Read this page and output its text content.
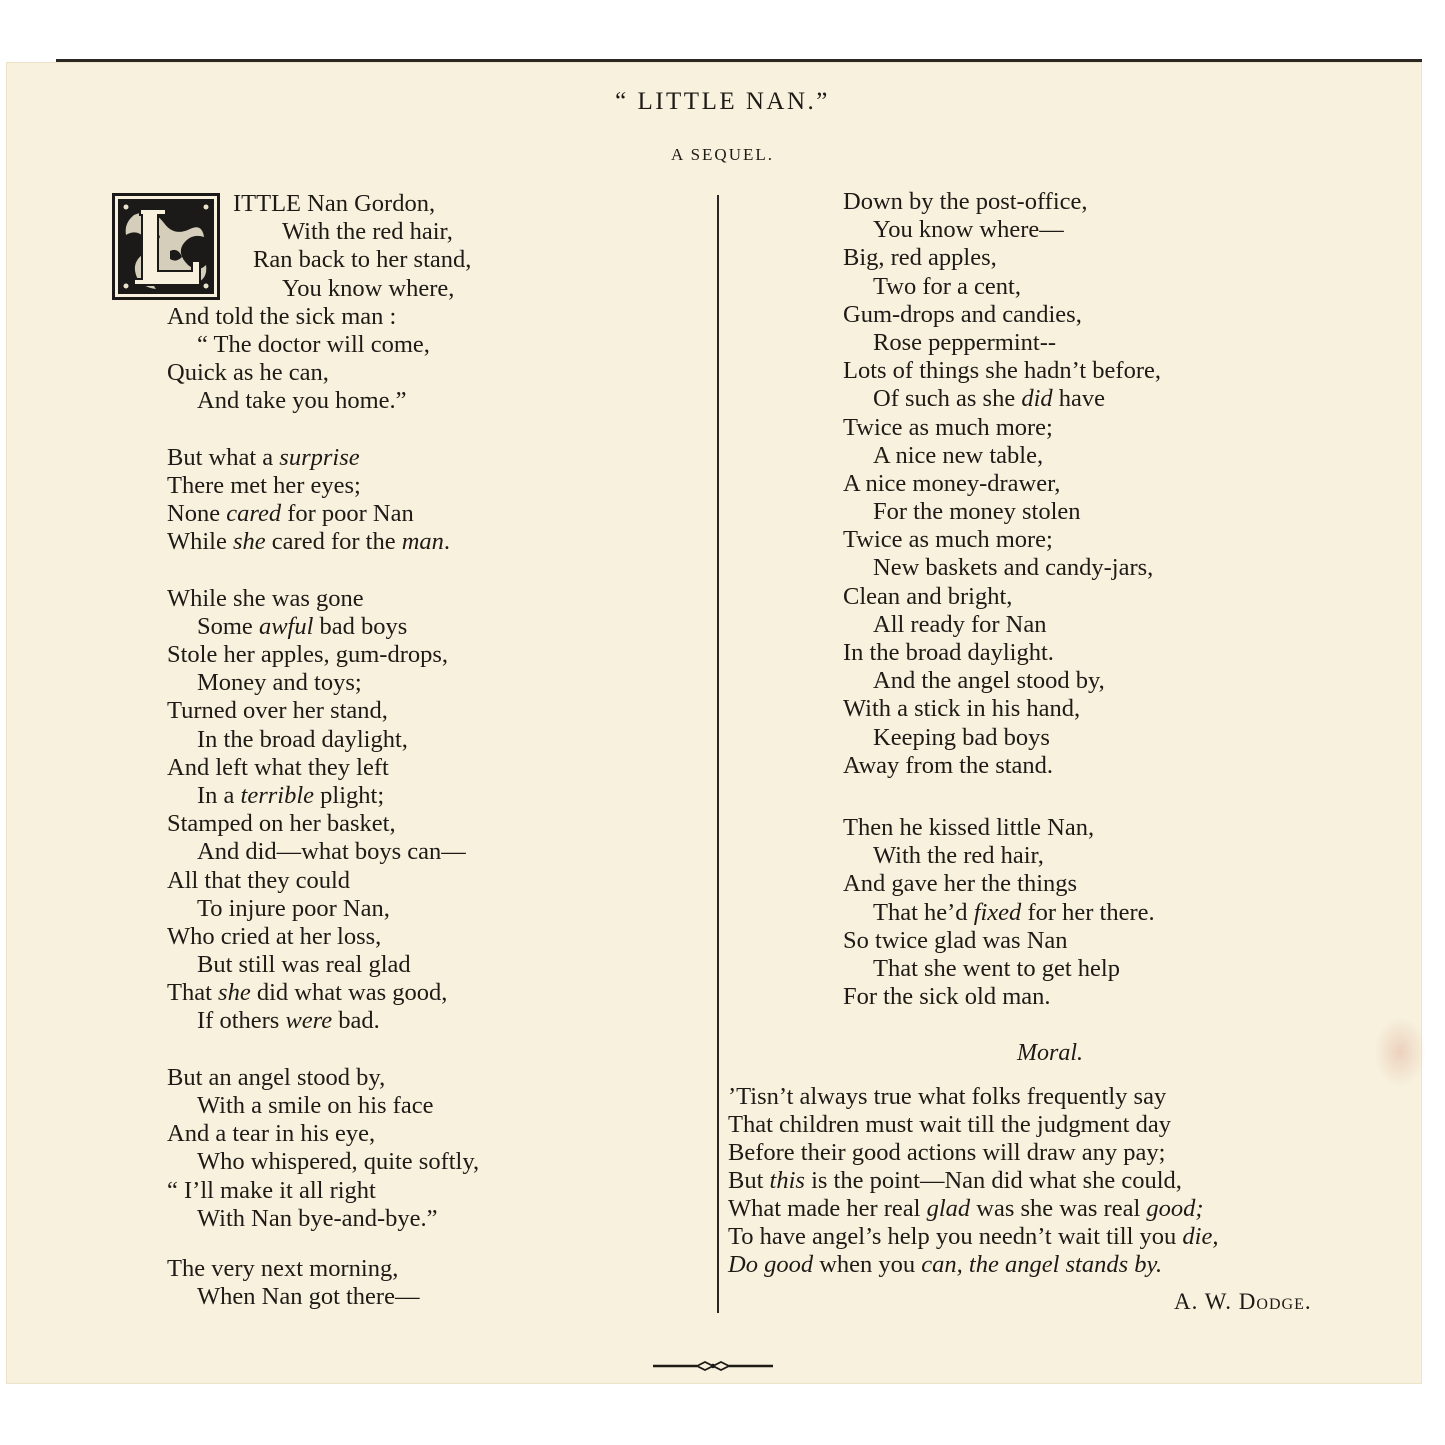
“ LITTLE NAN.”
A SEQUEL.
ITTLE Nan Gordon,
With the red hair,
Ran back to her stand,
You know where,
And told the sick man :
“ The doctor will come,
Quick as he can,
And take you home.”
But what a surprise
There met her eyes;
None cared for poor Nan
While she cared for the man.
While she was gone
Some awful bad boys
Stole her apples, gum-drops,
Money and toys;
Turned over her stand,
In the broad daylight,
And left what they left
In a terrible plight;
Stamped on her basket,
And did—what boys can—
All that they could
To injure poor Nan,
Who cried at her loss,
But still was real glad
That she did what was good,
If others were bad.
But an angel stood by,
With a smile on his face
And a tear in his eye,
Who whispered, quite softly,
“ I’ll make it all right
With Nan bye-and-bye.”
The very next morning,
When Nan got there—
Down by the post-office,
You know where—
Big, red apples,
Two for a cent,
Gum-drops and candies,
Rose peppermint--
Lots of things she hadn’t before,
Of such as she did have
Twice as much more;
A nice new table,
A nice money-drawer,
For the money stolen
Twice as much more;
New baskets and candy-jars,
Clean and bright,
All ready for Nan
In the broad daylight.
And the angel stood by,
With a stick in his hand,
Keeping bad boys
Away from the stand.
Then he kissed little Nan,
With the red hair,
And gave her the things
That he’d fixed for her there.
So twice glad was Nan
That she went to get help
For the sick old man.
Moral.
’Tisn’t always true what folks frequently say
That children must wait till the judgment day
Before their good actions will draw any pay;
But this is the point—Nan did what she could,
What made her real glad was she was real good;
To have angel’s help you needn’t wait till you die,
Do good when you can, the angel stands by.
A. W. Dodge.
